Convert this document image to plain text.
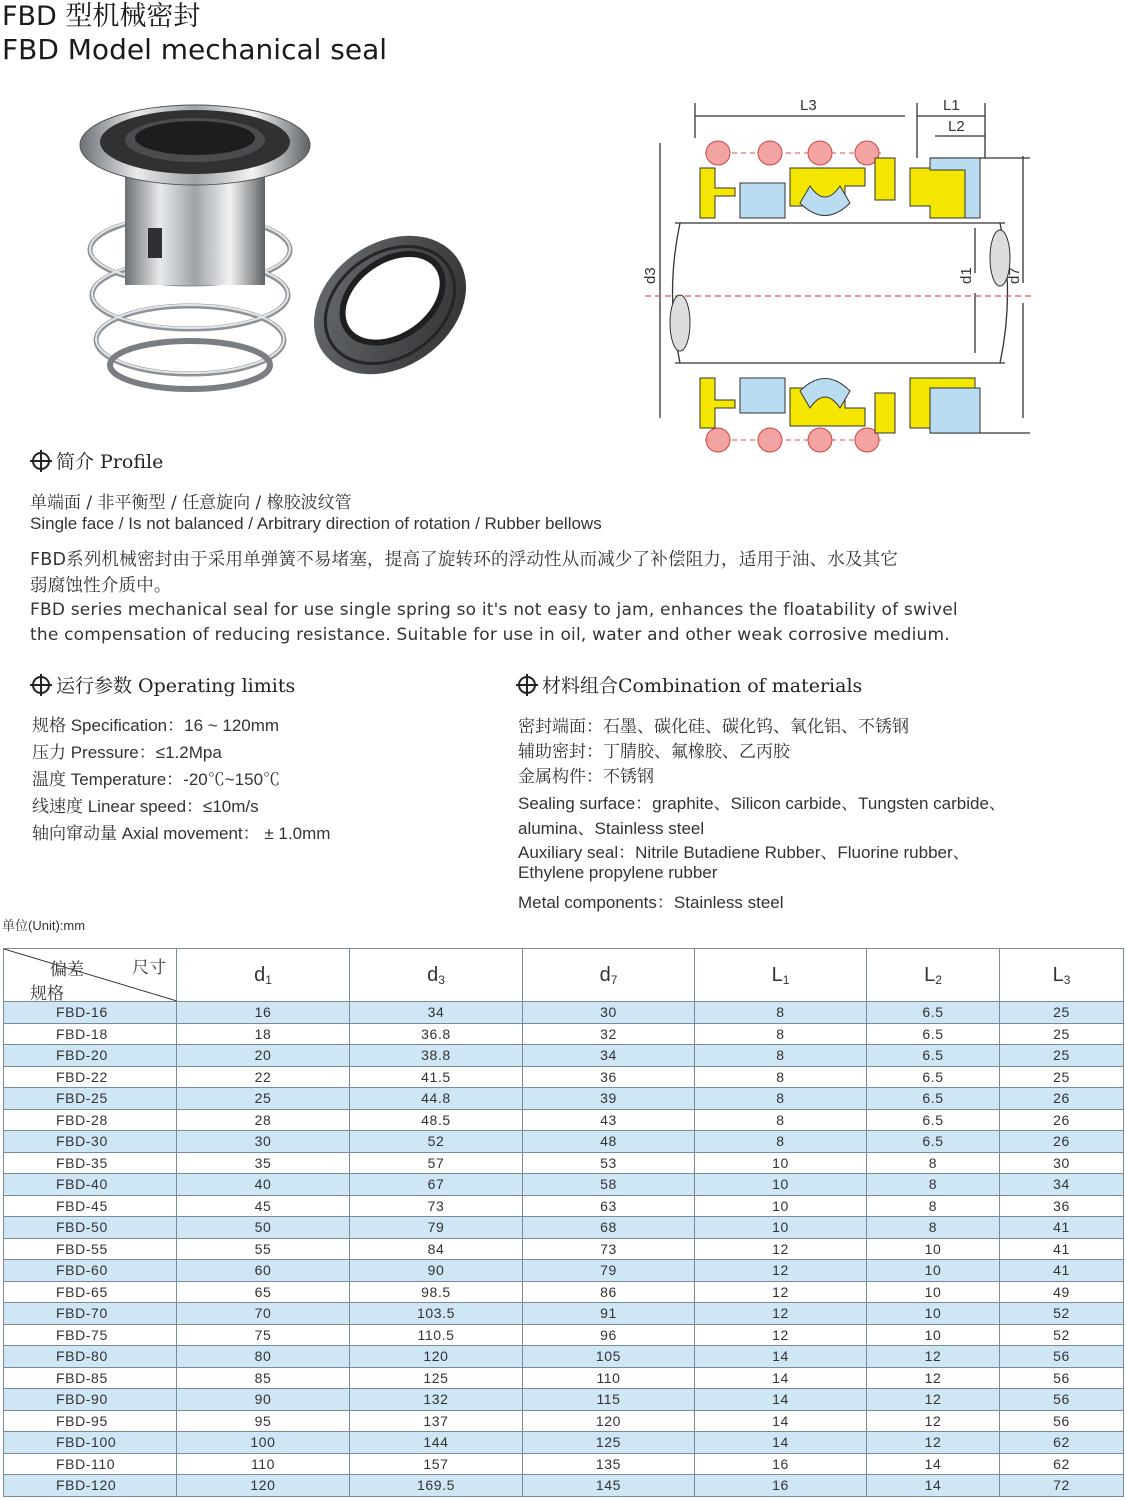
FBD 型机械密封
FBD Model mechanical seal
L3	L1
L2
d3	d1 d7
简介 Profile
单端面 / 非平衡型 / 任意旋向 / 橡胶波纹管
Single face / Is not balanced / Arbitrary direction of rotation / Rubber bellows
FBD系列机械密封由于采用单弹簧不易堵塞，提高了旋转环的浮动性从而减少了补偿阻力，适用于油、水及其它
弱腐蚀性介质中。
FBD series mechanical seal for use single spring so it's not easy to jam, enhances the floatability of swivel
the compensation of reducing resistance. Suitable for use in oil, water and other weak corrosive medium.
运行参数 Operating limits
规格 Specification：16 ~ 120mm
压力 Pressure：≤1.2Mpa
温度 Temperature：-20℃~150℃
线速度 Linear speed：≤10m/s
轴向窜动量 Axial movement： ± 1.0mm
材料组合Combination of materials
密封端面：石墨、碳化硅、碳化钨、氧化铝、不锈钢
辅助密封：丁腈胶、氟橡胶、乙丙胶
金属构件：不锈钢
Sealing surface：graphite、Silicon carbide、Tungsten carbide、
alumina、Stainless steel
Auxiliary seal：Nitrile Butadiene Rubber、Fluorine rubber、
Ethylene propylene rubber
Metal components：Stainless steel
单位(Unit):mm
尺寸
偏差
规格	$d_1$	$d_3$	$d_7$	$L_1$	$L_2$	$L_3$
FBD-16	16	34	30	8	6.5	25
FBD-18	18	36.8	32	8	6.5	25
FBD-20	20	38.8	34	8	6.5	25
FBD-22	22	41.5	36	8	6.5	25
FBD-25	25	44.8	39	8	6.5	26
FBD-28	28	48.5	43	8	6.5	26
FBD-30	30	52	48	8	6.5	26
FBD-35	35	57	53	10	8	30
FBD-40	40	67	58	10	8	34
FBD-45	45	73	63	10	8	36
FBD-50	50	79	68	10	8	41
FBD-55	55	84	73	12	10	41
FBD-60	60	90	79	12	10	41
FBD-65	65	98.5	86	12	10	49
FBD-70	70	103.5	91	12	10	52
FBD-75	75	110.5	96	12	10	52
FBD-80	80	120	105	14	12	56
FBD-85	85	125	110	14	12	56
FBD-90	90	132	115	14	12	56
FBD-95	95	137	120	14	12	56
FBD-100	100	144	125	14	12	62
FBD-110	110	157	135	16	14	62
FBD-120	120	169.5	145	16	14	72
